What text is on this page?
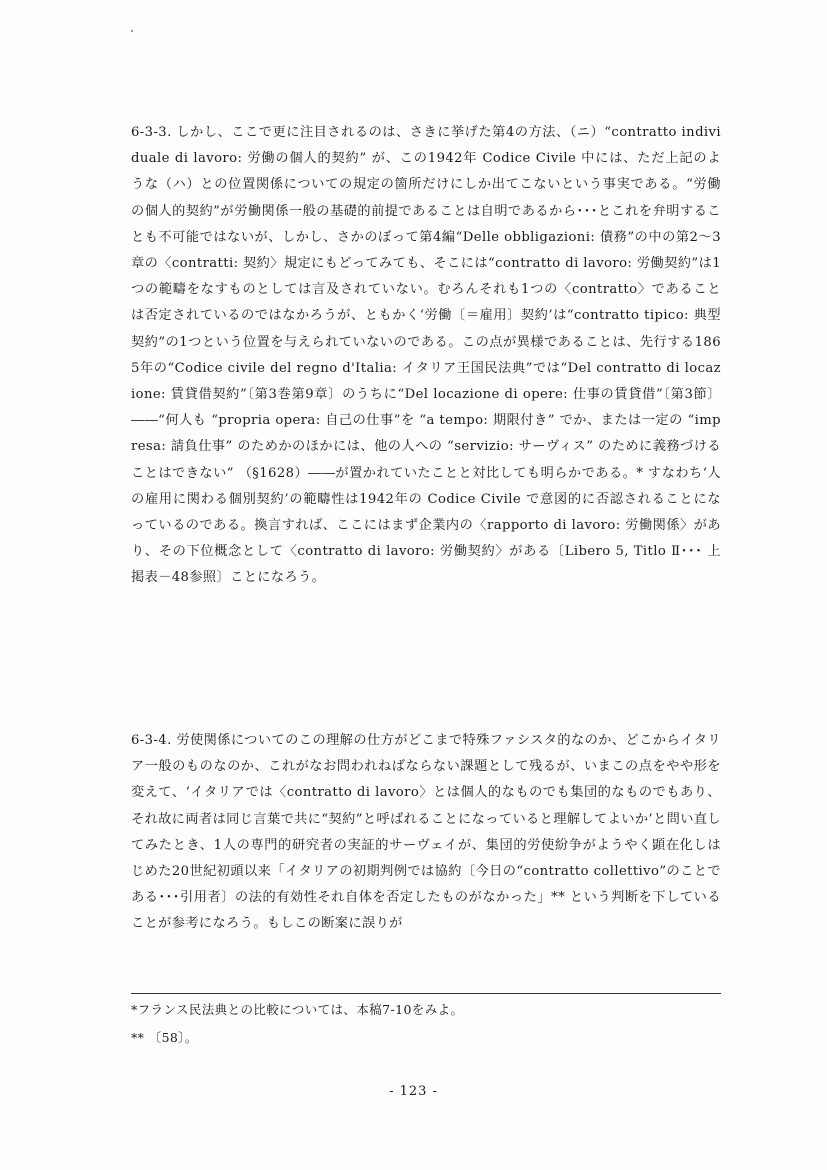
6-3-3. しかし、ここで更に注目されるのは、さきに挙げた第4の方法、（ニ）“contratto individuale di lavoro: 労働の個人的契約” が、この1942年 Codice Civile 中には、ただ上記のような（ハ）との位置関係についての規定の箇所だけにしか出てこないという事実である。“労働の個人的契約”が労働関係一般の基礎的前提であることは自明であるから･･･とこれを弁明することも不可能ではないが、しかし、さかのぼって第4編“Delle obbligazioni: 債務”の中の第2～3章の〈contratti: 契約〉規定にもどってみても、そこには“contratto di lavoro: 労働契約”は1つの範疇をなすものとしては言及されていない。むろんそれも1つの〈contratto〉であることは否定されているのではなかろうが、ともかく‘労働〔＝雇用〕契約’は“contratto tipico: 典型契約”の1つという位置を与えられていないのである。この点が異様であることは、先行する1865年の“Codice civile del regno d'Italia: イタリア王国民法典”では“Del contratto di locazione: 賃貸借契約”〔第3巻第9章〕のうちに“Del locazione di opere: 仕事の賃貸借”〔第3節〕――“何人も “propria opera: 自己の仕事”を “a tempo: 期限付き” でか、または一定の “impresa: 請負仕事” のためかのほかには、他の人への “servizio: サーヴィス” のために義務づけることはできない” （§1628）――が置かれていたことと対比しても明らかである。* すなわち‘人の雇用に関わる個別契約’の範疇性は1942年の Codice Civile で意図的に否認されることになっているのである。換言すれば、ここにはまず企業内の〈rapporto di lavoro: 労働関係〉があり、その下位概念として〈contratto di lavoro: 労働契約〉がある〔Libero 5, Titlo Ⅱ･･･ 上掲表－48参照〕ことになろう。

6-3-4. 労使関係についてのこの理解の仕方がどこまで特殊ファシスタ的なのか、どこからイタリア一般のものなのか、これがなお問われねばならない課題として残るが、いまこの点をやや形を変えて、‘イタリアでは〈contratto di lavoro〉とは個人的なものでも集団的なものでもあり、それ故に両者は同じ言葉で共に“契約”と呼ばれることになっていると理解してよいか’と問い直してみたとき、1人の専門的研究者の実証的サーヴェイが、集団的労使紛争がようやく顕在化しはじめた20世紀初頭以来「イタリアの初期判例では協約〔今日の“contratto collettivo”のことである･･･引用者〕の法的有効性それ自体を否定したものがなかった」** という判断を下していることが参考になろう。もしこの断案に誤りが

*フランス民法典との比較については、本稿7-10をみよ。

** 〔58〕。

- 123 -
